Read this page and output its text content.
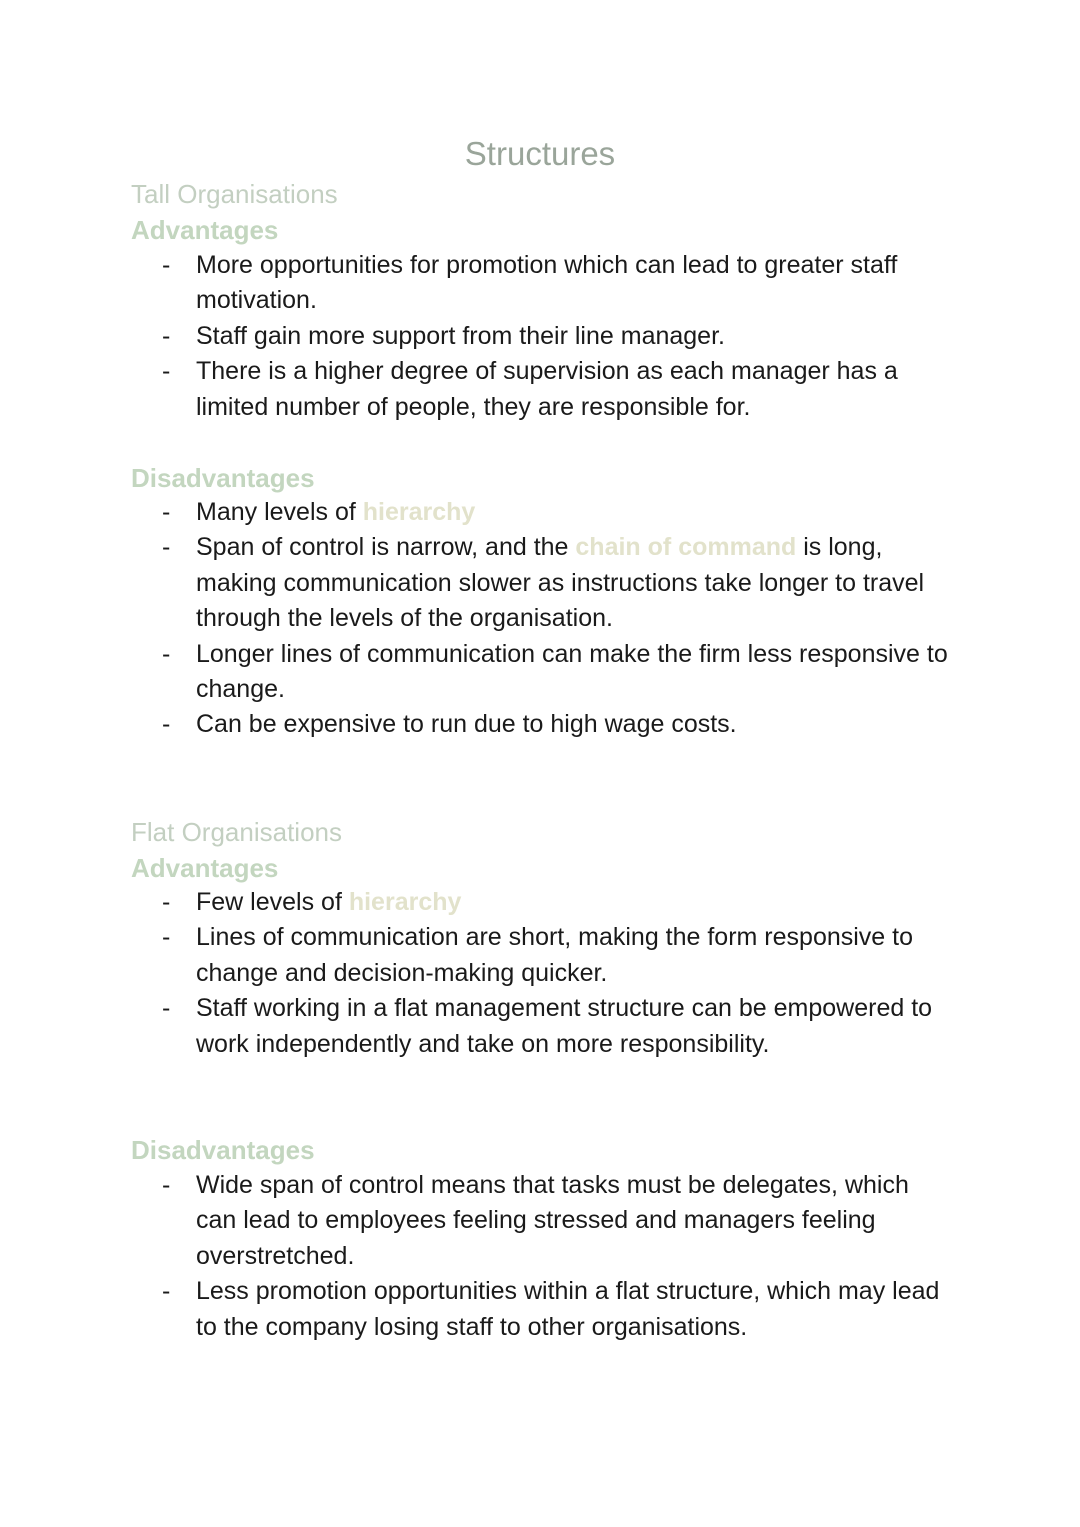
Structures
Tall Organisations
Advantages
- More opportunities for promotion which can lead to greater staff motivation.
- Staff gain more support from their line manager.
- There is a higher degree of supervision as each manager has a limited number of people, they are responsible for.
Disadvantages
- Many levels of hierarchy
- Span of control is narrow, and the chain of command is long, making communication slower as instructions take longer to travel through the levels of the organisation.
- Longer lines of communication can make the firm less responsive to change.
- Can be expensive to run due to high wage costs.
Flat Organisations
Advantages
- Few levels of hierarchy
- Lines of communication are short, making the form responsive to change and decision-making quicker.
- Staff working in a flat management structure can be empowered to work independently and take on more responsibility.
Disadvantages
- Wide span of control means that tasks must be delegates, which can lead to employees feeling stressed and managers feeling overstretched.
- Less promotion opportunities within a flat structure, which may lead to the company losing staff to other organisations.
